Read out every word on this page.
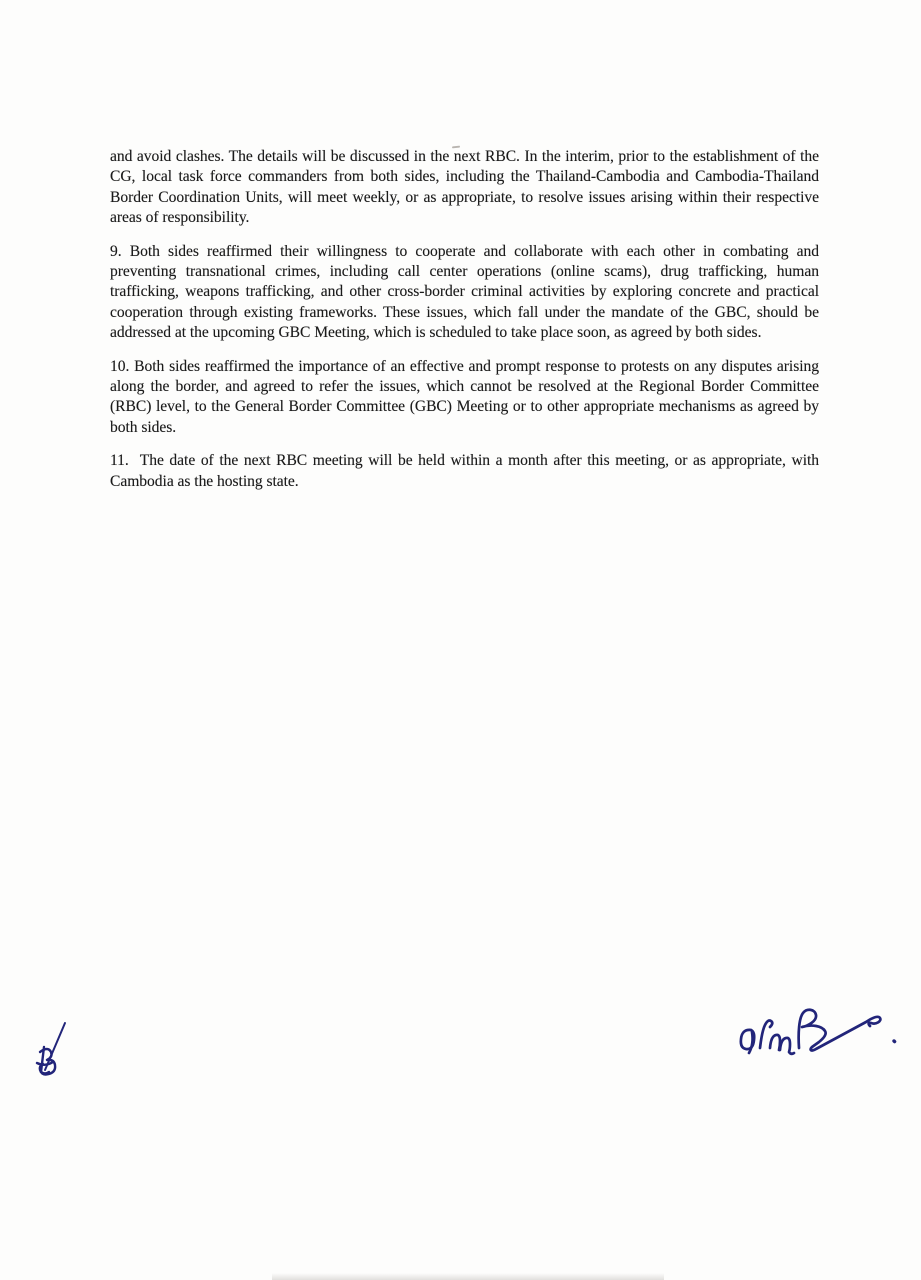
and avoid clashes. The details will be discussed in the next RBC. In the interim, prior to the establishment of the CG, local task force commanders from both sides, including the Thailand-Cambodia and Cambodia-Thailand Border Coordination Units, will meet weekly, or as appropriate, to resolve issues arising within their respective areas of responsibility.

9. Both sides reaffirmed their willingness to cooperate and collaborate with each other in combating and preventing transnational crimes, including call center operations (online scams), drug trafficking, human trafficking, weapons trafficking, and other cross-border criminal activities by exploring concrete and practical cooperation through existing frameworks. These issues, which fall under the mandate of the GBC, should be addressed at the upcoming GBC Meeting, which is scheduled to take place soon, as agreed by both sides.

10. Both sides reaffirmed the importance of an effective and prompt response to protests on any disputes arising along the border, and agreed to refer the issues, which cannot be resolved at the Regional Border Committee (RBC) level, to the General Border Committee (GBC) Meeting or to other appropriate mechanisms as agreed by both sides.

11.  The date of the next RBC meeting will be held within a month after this meeting, or as appropriate, with Cambodia as the hosting state.
